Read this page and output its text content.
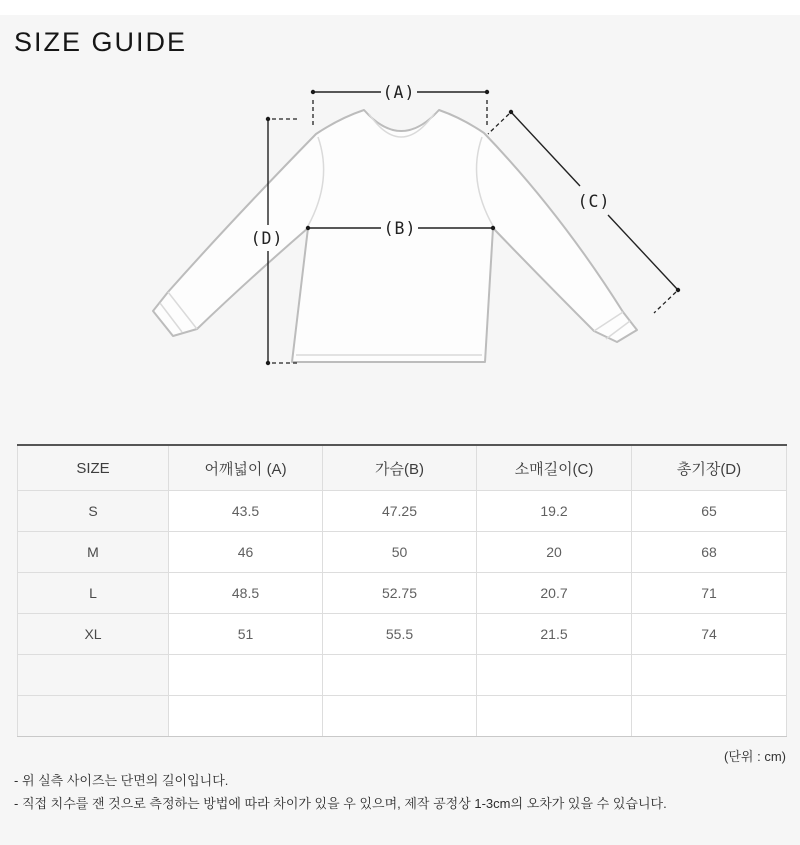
SIZE GUIDE
(A)
(B)
(C)
(D)
SIZE	어깨넓이 (A)	가슴(B)	소매길이(C)	총기장(D)
S	43.5	47.25	19.2	65
M	46	50	20	68
L	48.5	52.75	20.7	71
XL	51	55.5	21.5	74

(단위 : cm)
- 위 실측 사이즈는 단면의 길이입니다.
- 직접 치수를 잰 것으로 측정하는 방법에 따라 차이가 있을 우 있으며, 제작 공정상 1-3cm의 오차가 있을 수 있습니다.
